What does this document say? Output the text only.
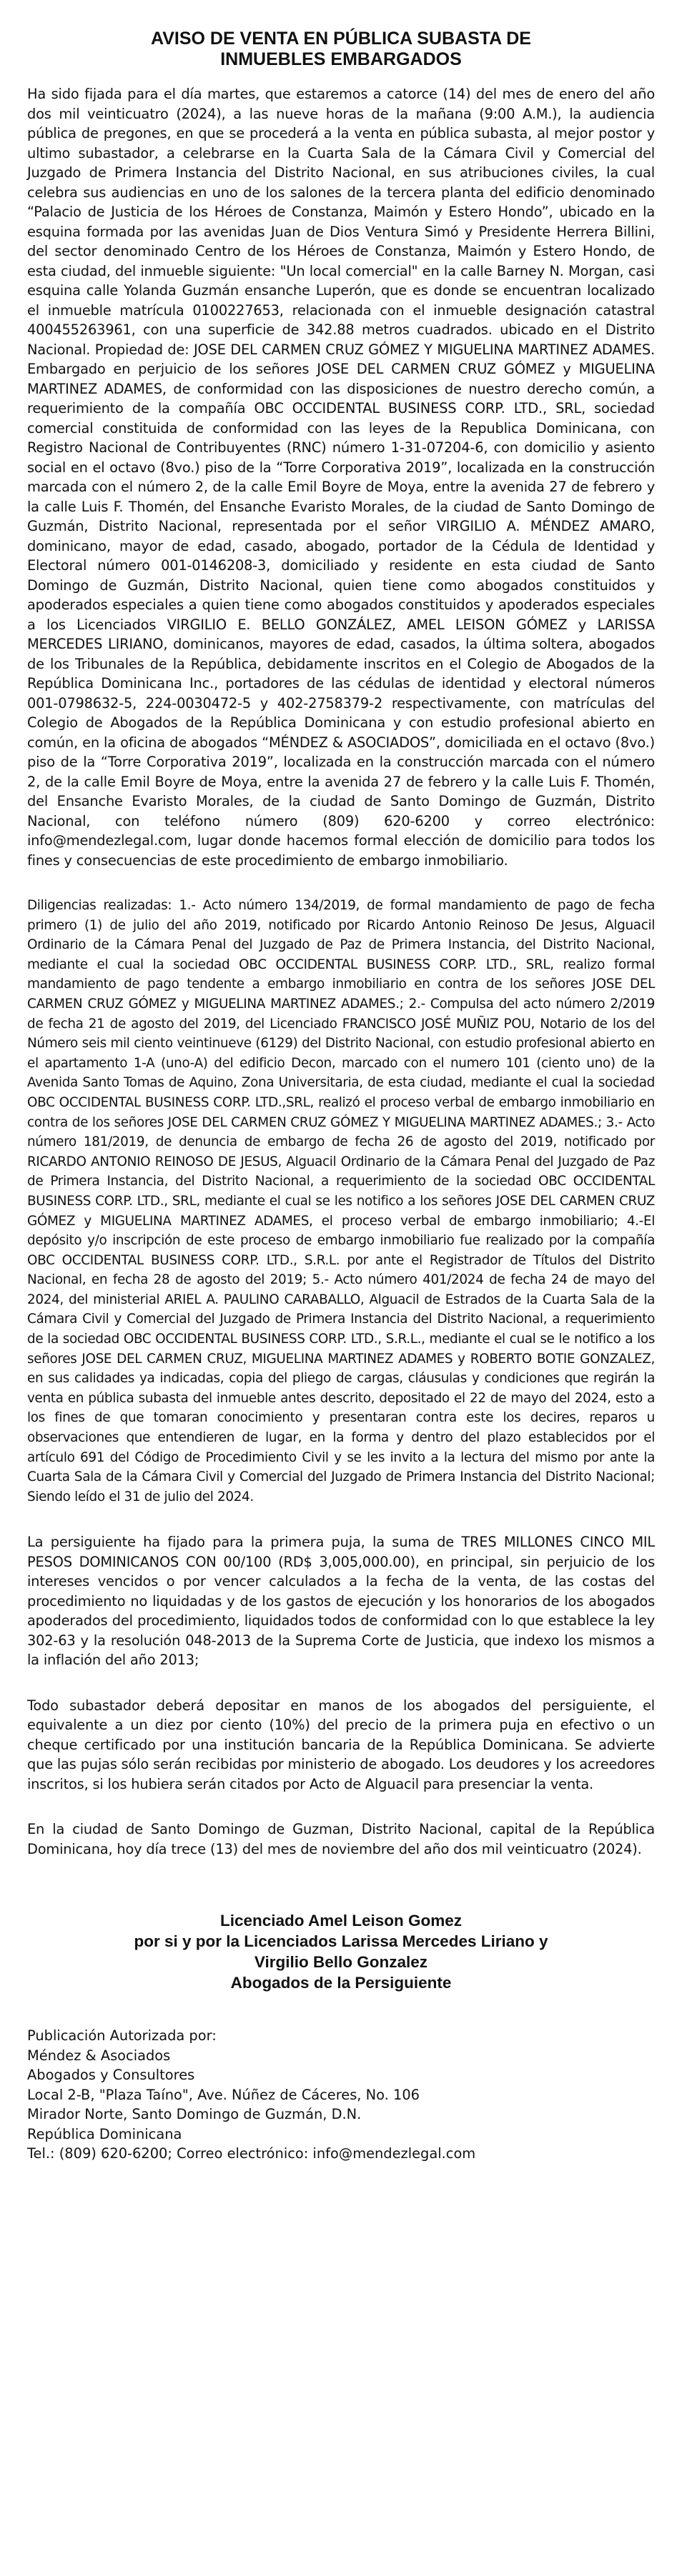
AVISO DE VENTA EN PÚBLICA SUBASTA DE
INMUEBLES EMBARGADOS

Ha sido fijada para el día martes, que estaremos a catorce (14) del mes de enero del año dos mil veinticuatro (2024), a las nueve horas de la mañana (9:00 A.M.), la audiencia pública de pregones, en que se procederá a la venta en pública subasta, al mejor postor y ultimo subastador, a celebrarse en la Cuarta Sala de la Cámara Civil y Comercial del Juzgado de Primera Instancia del Distrito Nacional, en sus atribuciones civiles, la cual celebra sus audiencias en uno de los salones de la tercera planta del edificio denominado “Palacio de Justicia de los Héroes de Constanza, Maimón y Estero Hondo”, ubicado en la esquina formada por las avenidas Juan de Dios Ventura Simó y Presidente Herrera Billini, del sector denominado Centro de los Héroes de Constanza, Maimón y Estero Hondo, de esta ciudad, del inmueble siguiente: "Un local comercial" en la calle Barney N. Morgan, casi esquina calle Yolanda Guzmán ensanche Luperón, que es donde se encuentran localizado el inmueble matrícula 0100227653, relacionada con el inmueble designación catastral 400455263961, con una superficie de 342.88 metros cuadrados. ubicado en el Distrito Nacional. Propiedad de: JOSE DEL CARMEN CRUZ GÓMEZ Y MIGUELINA MARTINEZ ADAMES. Embargado en perjuicio de los señores JOSE DEL CARMEN CRUZ GÓMEZ y MIGUELINA MARTINEZ ADAMES, de conformidad con las disposiciones de nuestro derecho común, a requerimiento de la compañía OBC OCCIDENTAL BUSINESS CORP. LTD., SRL, sociedad comercial constituida de conformidad con las leyes de la Republica Dominicana, con Registro Nacional de Contribuyentes (RNC) número 1-31-07204-6, con domicilio y asiento social en el octavo (8vo.) piso de la “Torre Corporativa 2019”, localizada en la construcción marcada con el número 2, de la calle Emil Boyre de Moya, entre la avenida 27 de febrero y la calle Luis F. Thomén, del Ensanche Evaristo Morales, de la ciudad de Santo Domingo de Guzmán, Distrito Nacional, representada por el señor VIRGILIO A. MÉNDEZ AMARO, dominicano, mayor de edad, casado, abogado, portador de la Cédula de Identidad y Electoral número 001-0146208-3, domiciliado y residente en esta ciudad de Santo Domingo de Guzmán, Distrito Nacional, quien tiene como abogados constituidos y apoderados especiales a quien tiene como abogados constituidos y apoderados especiales a los Licenciados VIRGILIO E. BELLO GONZÁLEZ, AMEL LEISON GÓMEZ y LARISSA MERCEDES LIRIANO, dominicanos, mayores de edad, casados, la última soltera, abogados de los Tribunales de la República, debidamente inscritos en el Colegio de Abogados de la República Dominicana Inc., portadores de las cédulas de identidad y electoral números 001-0798632-5, 224-0030472-5 y 402-2758379-2 respectivamente, con matrículas del Colegio de Abogados de la República Dominicana y con estudio profesional abierto en común, en la oficina de abogados “MÉNDEZ & ASOCIADOS”, domiciliada en el octavo (8vo.) piso de la “Torre Corporativa 2019”, localizada en la construcción marcada con el número 2, de la calle Emil Boyre de Moya, entre la avenida 27 de febrero y la calle Luis F. Thomén, del Ensanche Evaristo Morales, de la ciudad de Santo Domingo de Guzmán, Distrito Nacional, con teléfono número (809) 620-6200 y correo electrónico: info@mendezlegal.com, lugar donde hacemos formal elección de domicilio para todos los fines y consecuencias de este procedimiento de embargo inmobiliario.

Diligencias realizadas: 1.- Acto número 134/2019, de formal mandamiento de pago de fecha primero (1) de julio del año 2019, notificado por Ricardo Antonio Reinoso De Jesus, Alguacil Ordinario de la Cámara Penal del Juzgado de Paz de Primera Instancia, del Distrito Nacional, mediante el cual la sociedad OBC OCCIDENTAL BUSINESS CORP. LTD., SRL, realizo formal mandamiento de pago tendente a embargo inmobiliario en contra de los señores JOSE DEL CARMEN CRUZ GÓMEZ y MIGUELINA MARTINEZ ADAMES.; 2.- Compulsa del acto número 2/2019 de fecha 21 de agosto del 2019, del Licenciado FRANCISCO JOSÉ MUÑIZ POU, Notario de los del Número seis mil ciento veintinueve (6129) del Distrito Nacional, con estudio profesional abierto en el apartamento 1-A (uno-A) del edificio Decon, marcado con el numero 101 (ciento uno) de la Avenida Santo Tomas de Aquino, Zona Universitaria, de esta ciudad, mediante el cual la sociedad OBC OCCIDENTAL BUSINESS CORP. LTD.,SRL, realizó el proceso verbal de embargo inmobiliario en contra de los señores JOSE DEL CARMEN CRUZ GÓMEZ Y MIGUELINA MARTINEZ ADAMES.; 3.- Acto número 181/2019, de denuncia de embargo de fecha 26 de agosto del 2019, notificado por RICARDO ANTONIO REINOSO DE JESUS, Alguacil Ordinario de la Cámara Penal del Juzgado de Paz de Primera Instancia, del Distrito Nacional, a requerimiento de la sociedad OBC OCCIDENTAL BUSINESS CORP. LTD., SRL, mediante el cual se les notifico a los señores JOSE DEL CARMEN CRUZ GÓMEZ y MIGUELINA MARTINEZ ADAMES, el proceso verbal de embargo inmobiliario; 4.-El depósito y/o inscripción de este proceso de embargo inmobiliario fue realizado por la compañía OBC OCCIDENTAL BUSINESS CORP. LTD., S.R.L. por ante el Registrador de Títulos del Distrito Nacional, en fecha 28 de agosto del 2019; 5.- Acto número 401/2024 de fecha 24 de mayo del 2024, del ministerial ARIEL A. PAULINO CARABALLO, Alguacil de Estrados de la Cuarta Sala de la Cámara Civil y Comercial del Juzgado de Primera Instancia del Distrito Nacional, a requerimiento de la sociedad OBC OCCIDENTAL BUSINESS CORP. LTD., S.R.L., mediante el cual se le notifico a los señores JOSE DEL CARMEN CRUZ, MIGUELINA MARTINEZ ADAMES y ROBERTO BOTIE GONZALEZ, en sus calidades ya indicadas, copia del pliego de cargas, cláusulas y condiciones que regirán la venta en pública subasta del inmueble antes descrito, depositado el 22 de mayo del 2024, esto a los fines de que tomaran conocimiento y presentaran contra este los decires, reparos u observaciones que entendieren de lugar, en la forma y dentro del plazo establecidos por el artículo 691 del Código de Procedimiento Civil y se les invito a la lectura del mismo por ante la Cuarta Sala de la Cámara Civil y Comercial del Juzgado de Primera Instancia del Distrito Nacional; Siendo leído el 31 de julio del 2024.

La persiguiente ha fijado para la primera puja, la suma de TRES MILLONES CINCO MIL PESOS DOMINICANOS CON 00/100 (RD$ 3,005,000.00), en principal, sin perjuicio de los intereses vencidos o por vencer calculados a la fecha de la venta, de las costas del procedimiento no liquidadas y de los gastos de ejecución y los honorarios de los abogados apoderados del procedimiento, liquidados todos de conformidad con lo que establece la ley 302-63 y la resolución 048-2013 de la Suprema Corte de Justicia, que indexo los mismos a la inflación del año 2013;

Todo subastador deberá depositar en manos de los abogados del persiguiente, el equivalente a un diez por ciento (10%) del precio de la primera puja en efectivo o un cheque certificado por una institución bancaria de la República Dominicana. Se advierte que las pujas sólo serán recibidas por ministerio de abogado. Los deudores y los acreedores inscritos, si los hubiera serán citados por Acto de Alguacil para presenciar la venta.

En la ciudad de Santo Domingo de Guzman, Distrito Nacional, capital de la República Dominicana, hoy día trece (13) del mes de noviembre del año dos mil veinticuatro (2024).

Licenciado Amel Leison Gomez
por si y por la Licenciados Larissa Mercedes Liriano y
Virgilio Bello Gonzalez
Abogados de la Persiguiente
Publicación Autorizada por:
Méndez & Asociados
Abogados y Consultores
Local 2-B, "Plaza Taíno", Ave. Núñez de Cáceres, No. 106
Mirador Norte, Santo Domingo de Guzmán, D.N.
República Dominicana
Tel.: (809) 620-6200; Correo electrónico: info@mendezlegal.com
